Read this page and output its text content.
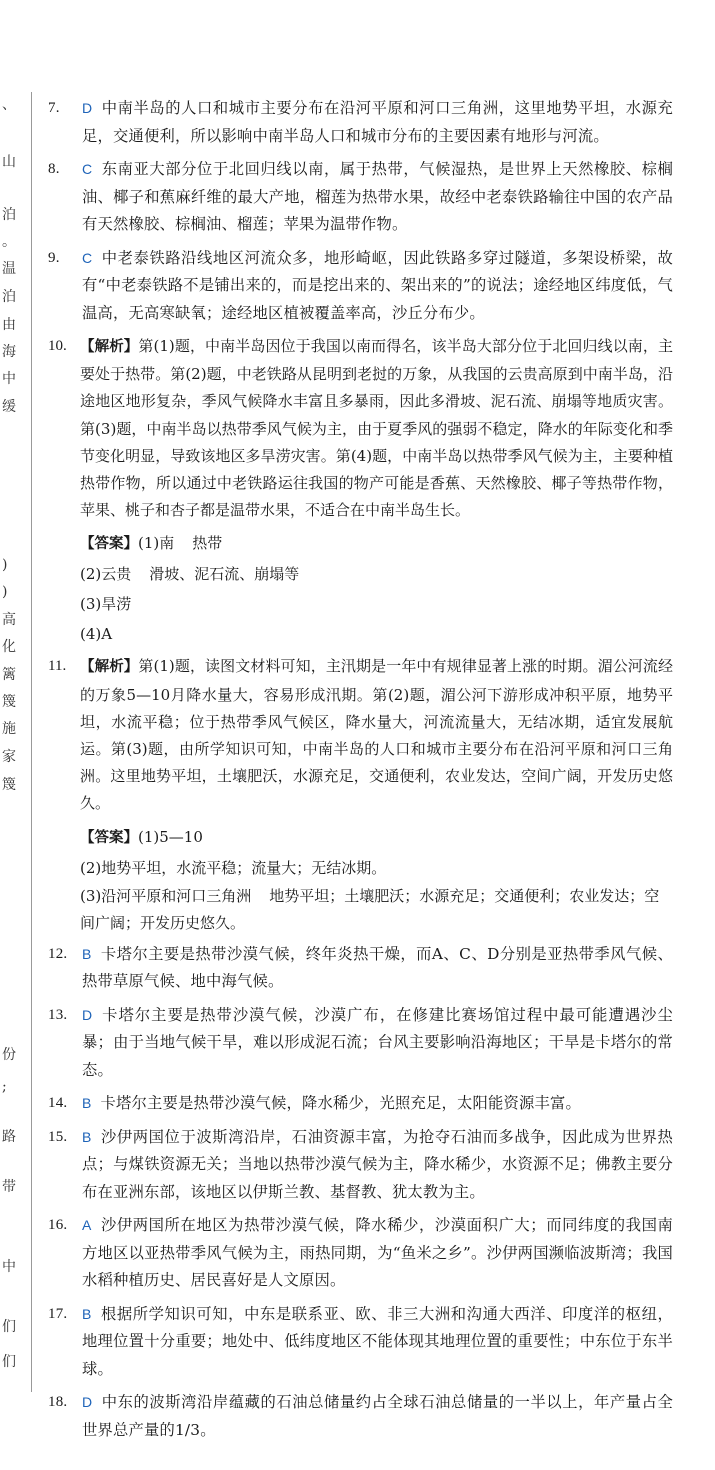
、
山
泊
。
温
泊
由
海
中
缓
)
)
高
化
篱
篾
施
家
篾
份
;
路
带
中
们
们
7.	D 中南半岛的人口和城市主要分布在沿河平原和河口三角洲，这里地势平坦，水源充足，交通便利，所以影响中南半岛人口和城市分布的主要因素有地形与河流。
8.	C 东南亚大部分位于北回归线以南，属于热带，气候湿热，是世界上天然橡胶、棕榈油、椰子和蕉麻纤维的最大产地，榴莲为热带水果，故经中老泰铁路输往中国的农产品有天然橡胶、棕榈油、榴莲；苹果为温带作物。
9.	C 中老泰铁路沿线地区河流众多，地形崎岖，因此铁路多穿过隧道，多架设桥梁，故有“中老泰铁路不是铺出来的，而是挖出来的、架出来的”的说法；途经地区纬度低，气温高，无高寒缺氧；途经地区植被覆盖率高，沙丘分布少。
10. 【解析】第(1)题，中南半岛因位于我国以南而得名，该半岛大部分位于北回归线以南，主要处于热带。第(2)题，中老铁路从昆明到老挝的万象，从我国的云贵高原到中南半岛，沿途地区地形复杂，季风气候降水丰富且多暴雨，因此多滑坡、泥石流、崩塌等地质灾害。第(3)题，中南半岛以热带季风气候为主，由于夏季风的强弱不稳定，降水的年际变化和季节变化明显，导致该地区多旱涝灾害。第(4)题，中南半岛以热带季风气候为主，主要种植热带作物，所以通过中老铁路运往我国的物产可能是香蕉、天然橡胶、椰子等热带作物，苹果、桃子和杏子都是温带水果，不适合在中南半岛生长。
【答案】(1)南 热带
(2)云贵 滑坡、泥石流、崩塌等
(3)旱涝
(4)A
11. 【解析】第(1)题，读图文材料可知，主汛期是一年中有规律显著上涨的时期。湄公河流经的万象5—10月降水量大，容易形成汛期。第(2)题，湄公河下游形成冲积平原，地势平坦，水流平稳；位于热带季风气候区，降水量大，河流流量大，无结冰期，适宜发展航运。第(3)题，由所学知识可知，中南半岛的人口和城市主要分布在沿河平原和河口三角洲。这里地势平坦，土壤肥沃，水源充足，交通便利，农业发达，空间广阔，开发历史悠久。
【答案】(1)5—10
(2)地势平坦，水流平稳；流量大；无结冰期。
(3)沿河平原和河口三角洲 地势平坦；土壤肥沃；水源充足；交通便利；农业发达；空间广阔；开发历史悠久。
12.	B 卡塔尔主要是热带沙漠气候，终年炎热干燥，而A、C、D分别是亚热带季风气候、热带草原气候、地中海气候。
13.	D 卡塔尔主要是热带沙漠气候，沙漠广布，在修建比赛场馆过程中最可能遭遇沙尘暴；由于当地气候干旱，难以形成泥石流；台风主要影响沿海地区；干旱是卡塔尔的常态。
14.	B 卡塔尔主要是热带沙漠气候，降水稀少，光照充足，太阳能资源丰富。
15.	B 沙伊两国位于波斯湾沿岸，石油资源丰富，为抢夺石油而多战争，因此成为世界热点；与煤铁资源无关；当地以热带沙漠气候为主，降水稀少，水资源不足；佛教主要分布在亚洲东部，该地区以伊斯兰教、基督教、犹太教为主。
16.	A 沙伊两国所在地区为热带沙漠气候，降水稀少，沙漠面积广大；而同纬度的我国南方地区以亚热带季风气候为主，雨热同期，为“鱼米之乡”。沙伊两国濒临波斯湾；我国水稻种植历史、居民喜好是人文原因。
17.	B 根据所学知识可知，中东是联系亚、欧、非三大洲和沟通大西洋、印度洋的枢纽，地理位置十分重要；地处中、低纬度地区不能体现其地理位置的重要性；中东位于东半球。
18.	D 中东的波斯湾沿岸蕴藏的石油总储量约占全球石油总储量的一半以上，年产量占全世界总产量的1/3。
